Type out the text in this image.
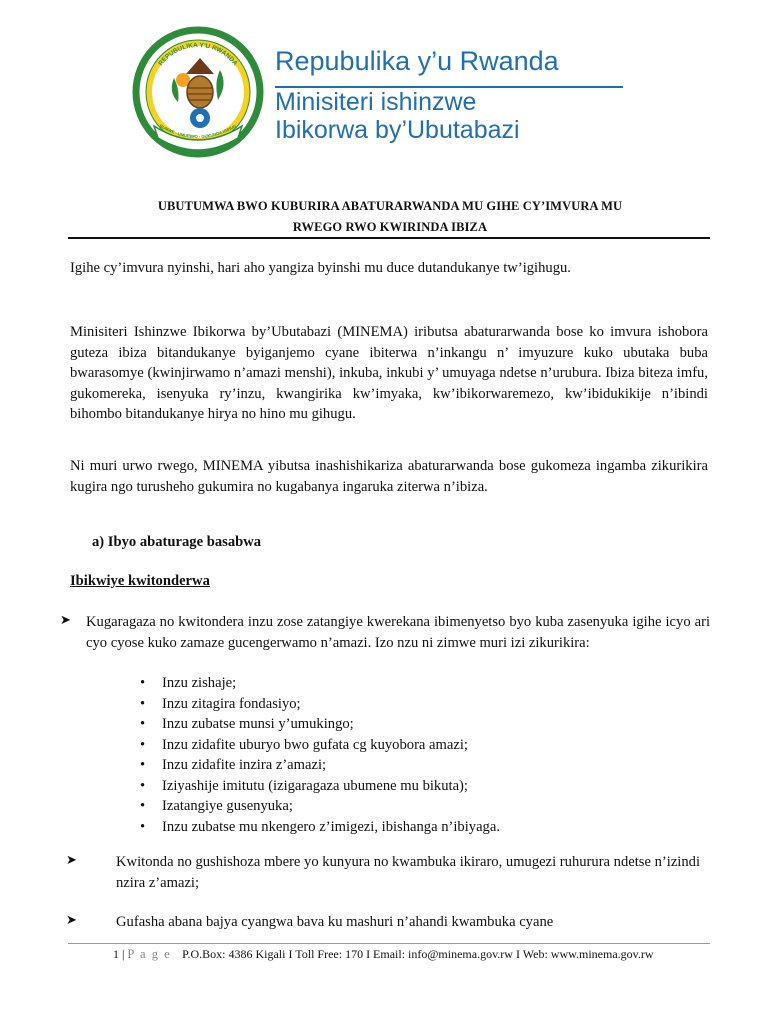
REPUBULIKA Y'U RWANDA
BUMWE - UMURIMO - GUKUNDA IGIHUG
Repubulika y’u Rwanda
Minisiteri ishinzwe
Ibikorwa by’Ubutabazi
UBUTUMWA BWO KUBURIRA ABATURARWANDA MU GIHE CY’IMVURA MU
RWEGO RWO KWIRINDA IBIZA
Igihe cy’imvura nyinshi, hari aho yangiza byinshi mu duce dutandukanye tw’igihugu.
Minisiteri Ishinzwe Ibikorwa by’Ubutabazi (MINEMA) iributsa abaturarwanda bose ko imvura ishobora guteza ibiza bitandukanye byiganjemo cyane ibiterwa n’inkangu n’ imyuzure kuko ubutaka buba bwarasomye (kwinjirwamo n’amazi menshi), inkuba, inkubi y’ umuyaga ndetse n’urubura. Ibiza biteza imfu, gukomereka, isenyuka ry’inzu, kwangirika kw’imyaka, kw’ibikorwaremezo, kw’ibidukikije n’ibindi bihombo bitandukanye hirya no hino mu gihugu.
Ni muri urwo rwego, MINEMA yibutsa inashishikariza abaturarwanda bose gukomeza ingamba zikurikira kugira ngo turusheho gukumira no kugabanya ingaruka ziterwa n’ibiza.
a) Ibyo abaturage basabwa
Ibikwiye kwitonderwa
➤ Kugaragaza no kwitondera inzu zose zatangiye kwerekana ibimenyetso byo kuba zasenyuka igihe icyo ari cyo cyose kuko zamaze gucengerwamo n’amazi. Izo nzu ni zimwe muri izi zikurikira:
• Inzu zishaje;
• Inzu zitagira fondasiyo;
• Inzu zubatse munsi y’umukingo;
• Inzu zidafite uburyo bwo gufata cg kuyobora amazi;
• Inzu zidafite inzira z’amazi;
• Iziyashije imitutu (izigaragaza ubumene mu bikuta);
• Izatangiye gusenyuka;
• Inzu zubatse mu nkengero z’imigezi, ibishanga n’ibiyaga.
➤	Kwitonda no gushishoza mbere yo kunyura no kwambuka ikiraro, umugezi ruhurura ndetse n’izindi nzira z’amazi;
➤	Gufasha abana bajya cyangwa bava ku mashuri n’ahandi kwambuka cyane
1 | P a g e P.O.Box: 4386 Kigali I Toll Free: 170 I Email: info@minema.gov.rw I Web: www.minema.gov.rw
